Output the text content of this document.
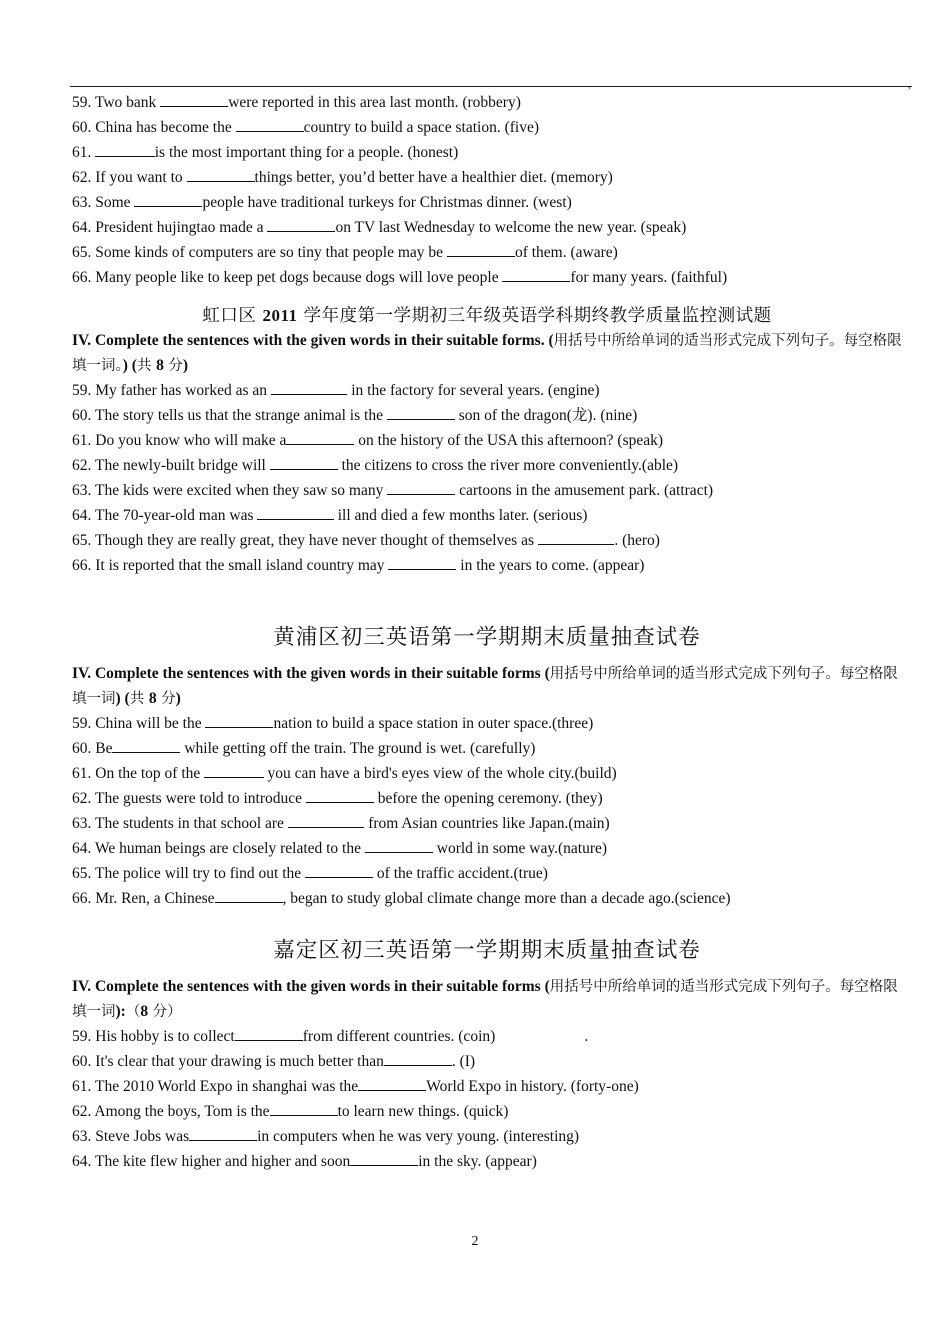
,
59. Two bank	were reported in this area last month. (robbery)
60. China has become the	country to build a space station. (five)
61.	is the most important thing for a people. (honest)
62. If you want to	things better, you’d better have a healthier diet. (memory)
63. Some	people have traditional turkeys for Christmas dinner. (west)
64. President hujingtao made a	on TV last Wednesday to welcome the new year. (speak)
65. Some kinds of computers are so tiny that people may be	of them. (aware)
66. Many people like to keep pet dogs because dogs will love people	for many years. (faithful)
虹口区 2011 学年度第一学期初三年级英语学科期终教学质量监控测试题
IV. Complete the sentences with the given words in their suitable forms. (用括号中所给单词的适当形式完成下列句子。每空格限填一词。) (共 8 分)
59. My father has worked as an	in the factory for several years. (engine)
60. The story tells us that the strange animal is the	son of the dragon(龙). (nine)
61. Do you know who will make a	on the history of the USA this afternoon? (speak)
62. The newly-built bridge will	the citizens to cross the river more conveniently.(able)
63. The kids were excited when they saw so many	cartoons in the amusement park. (attract)
64. The 70-year-old man was	ill and died a few months later. (serious)
65. Though they are really great, they have never thought of themselves as	. (hero)
66. It is reported that the small island country may	in the years to come. (appear)
黄浦区初三英语第一学期期末质量抽查试卷
IV. Complete the sentences with the given words in their suitable forms (用括号中所给单词的适当形式完成下列句子。每空格限填一词) (共 8 分)
59. China will be the	nation to build a space station in outer space.(three)
60. Be	while getting off the train. The ground is wet. (carefully)
61. On the top of the	you can have a bird's eyes view of the whole city.(build)
62. The guests were told to introduce	before the opening ceremony. (they)
63. The students in that school are	from Asian countries like Japan.(main)
64. We human beings are closely related to the	world in some way.(nature)
65. The police will try to find out the	of the traffic accident.(true)
66. Mr. Ren, a Chinese	, began to study global climate change more than a decade ago.(science)
嘉定区初三英语第一学期期末质量抽查试卷
IV. Complete the sentences with the given words in their suitable forms (用括号中所给单词的适当形式完成下列句子。每空格限填一词):（8 分）
59. His hobby is to collect	from different countries. (coin)                       .
60. It's clear that your drawing is much better than	. (I)
61. The 2010 World Expo in shanghai was the	World Expo in history. (forty-one)
62. Among the boys, Tom is the	to learn new things. (quick)
63. Steve Jobs was	in computers when he was very young. (interesting)
64. The kite flew higher and higher and soon	in the sky. (appear)
2
